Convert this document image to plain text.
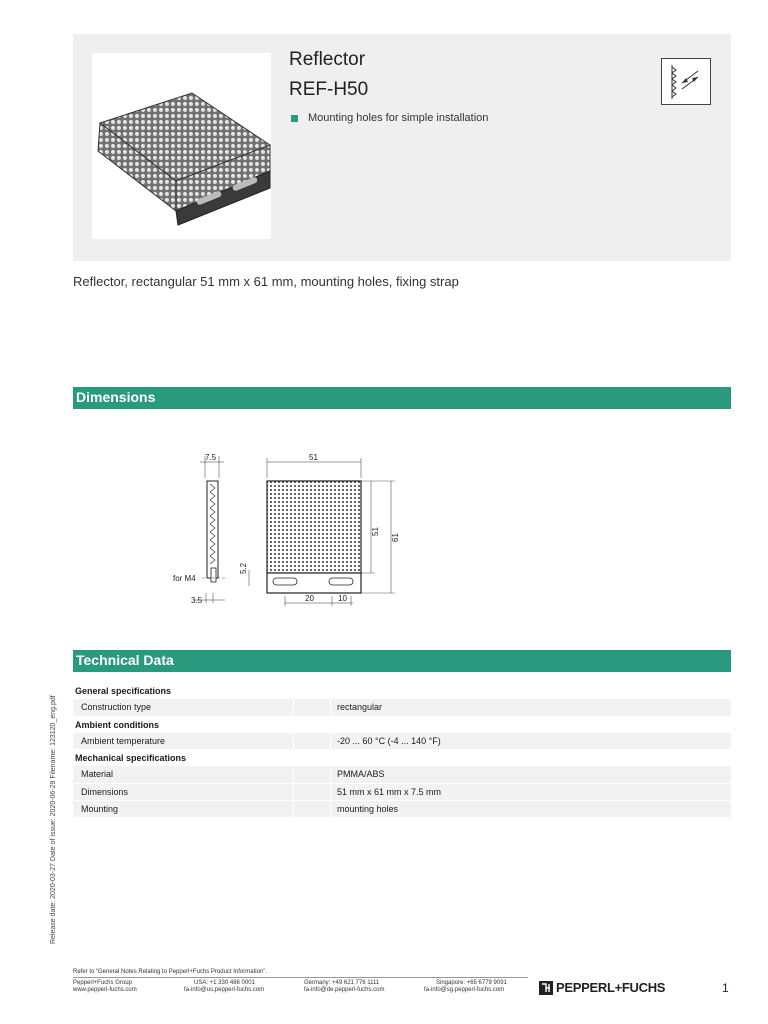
Reflector
REF-H50
Mounting holes for simple installation
Reflector, rectangular 51 mm x 61 mm, mounting holes, fixing strap
Dimensions
7.5
for M4
3.5
5.2
51
51
61
20	10
Technical Data
General specifications
Construction type	rectangular
Ambient conditions
Ambient temperature	-20 ... 60 °C (-4 ... 140 °F)
Mechanical specifications
Material	PMMA/ABS
Dimensions	51 mm x 61 mm x 7.5 mm
Mounting	mounting holes
Release date: 2020-03-27 Date of issue: 2020-06-29 Filename: 123120_eng.pdf
Refer to “General Notes Relating to Pepperl+Fuchs Product Information”.
Pepperl+Fuchs Group
www.pepperl-fuchs.com
USA: +1 330 486 0001
fa-info@us.pepperl-fuchs.com
Germany: +49 621 776 1111
fa-info@de.pepperl-fuchs.com
Singapore: +65 6779 9091
fa-info@sg.pepperl-fuchs.com	PEPPERL+FUCHS	1
